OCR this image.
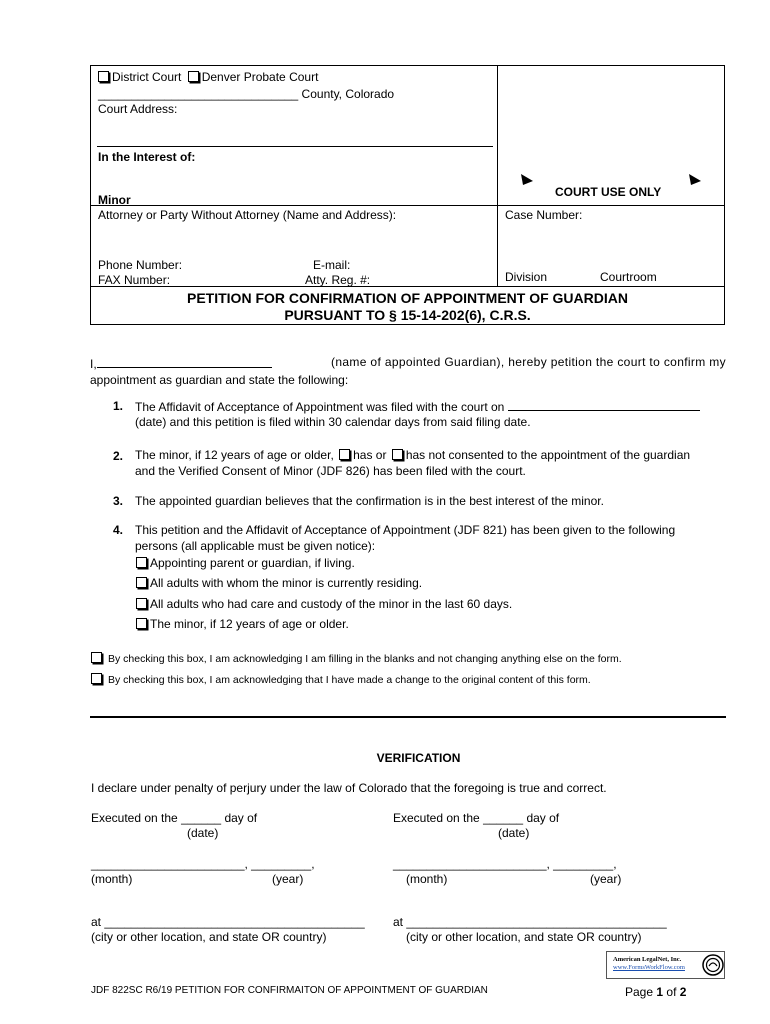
District Court Denver Probate Court
______________________________ County, Colorado
Court Address:
In the Interest of:
Minor
Attorney or Party Without Attorney (Name and Address):
Phone Number:
FAX Number:
E-mail:
Atty. Reg. #:
COURT USE ONLY
Case Number:
Division	Courtroom
PETITION FOR CONFIRMATION OF APPOINTMENT OF GUARDIAN
PURSUANT TO § 15-14-202(6), C.R.S.
I,	(name of appointed Guardian), hereby petition the court to confirm my
appointment as guardian and state the following:
1. The Affidavit of Acceptance of Appointment was filed with the court on
(date) and this petition is filed within 30 calendar days from said filing date.
2. The minor, if 12 years of age or older, has or has not consented to the appointment of the guardian
and the Verified Consent of Minor (JDF 826) has been filed with the court.
3. The appointed guardian believes that the confirmation is in the best interest of the minor.
4. This petition and the Affidavit of Acceptance of Appointment (JDF 821) has been given to the following
persons (all applicable must be given notice):
Appointing parent or guardian, if living.
All adults with whom the minor is currently residing.
All adults who had care and custody of the minor in the last 60 days.
The minor, if 12 years of age or older.
By checking this box, I am acknowledging I am filling in the blanks and not changing anything else on the form.
By checking this box, I am acknowledging that I have made a change to the original content of this form.
VERIFICATION
I declare under penalty of perjury under the law of Colorado that the foregoing is true and correct.
Executed on the ______ day of
(date)
_______________________, _________,
(month)	(year)
at _______________________________________
(city or other location, and state OR country)
Executed on the ______ day of
(date)
_______________________, _________,
(month)	(year)
at _______________________________________
(city or other location, and state OR country)
American LegalNet, Inc.
www.FormsWorkFlow.com
JDF 822SC R6/19 PETITION FOR CONFIRMAITON OF APPOINTMENT OF GUARDIAN	Page 1 of 2
